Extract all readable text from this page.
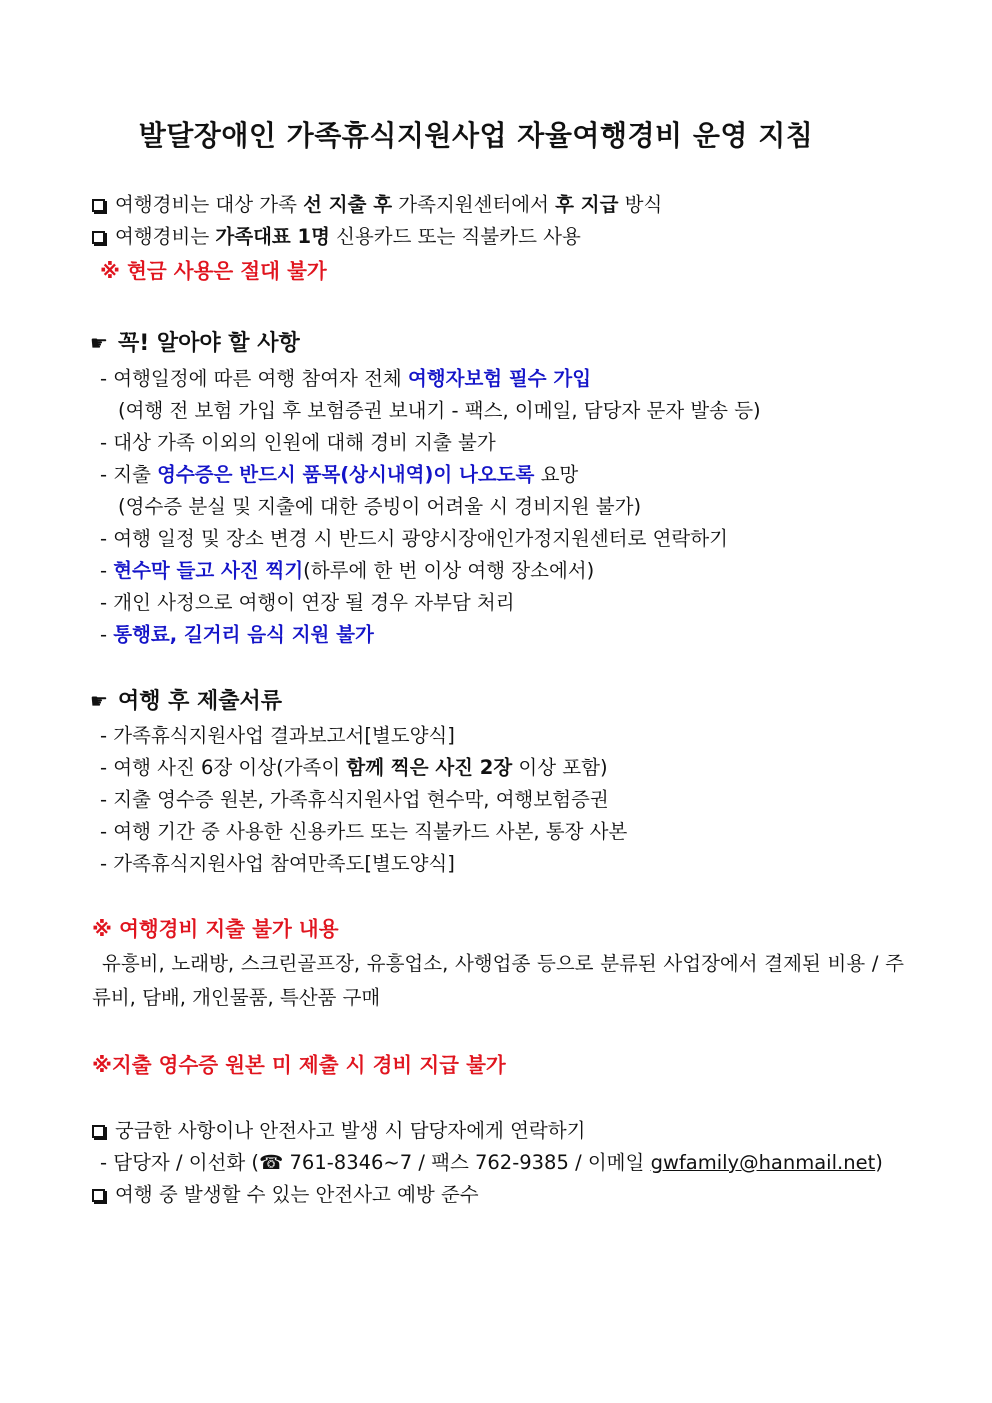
발달장애인 가족휴식지원사업 자율여행경비 운영 지침
여행경비는 대상 가족 선 지출 후 가족지원센터에서 후 지급 방식
여행경비는 가족대표 1명 신용카드 또는 직불카드 사용
※ 현금 사용은 절대 불가
☛ 꼭! 알아야 할 사항
- 여행일정에 따른 여행 참여자 전체 여행자보험 필수 가입
(여행 전 보험 가입 후 보험증권 보내기 - 팩스, 이메일, 담당자 문자 발송 등)
- 대상 가족 이외의 인원에 대해 경비 지출 불가
- 지출 영수증은 반드시 품목(상시내역)이 나오도록 요망
(영수증 분실 및 지출에 대한 증빙이 어려울 시 경비지원 불가)
- 여행 일정 및 장소 변경 시 반드시 광양시장애인가정지원센터로 연락하기
- 현수막 들고 사진 찍기(하루에 한 번 이상 여행 장소에서)
- 개인 사정으로 여행이 연장 될 경우 자부담 처리
- 통행료, 길거리 음식 지원 불가
☛ 여행 후 제출서류
- 가족휴식지원사업 결과보고서[별도양식]
- 여행 사진 6장 이상(가족이 함께 찍은 사진 2장 이상 포함)
- 지출 영수증 원본, 가족휴식지원사업 현수막, 여행보험증권
- 여행 기간 중 사용한 신용카드 또는 직불카드 사본, 통장 사본
- 가족휴식지원사업 참여만족도[별도양식]
※ 여행경비 지출 불가 내용
유흥비, 노래방, 스크린골프장, 유흥업소, 사행업종 등으로 분류된 사업장에서 결제된 비용 / 주류비, 담배, 개인물품, 특산품 구매
※지출 영수증 원본 미 제출 시 경비 지급 불가
궁금한 사항이나 안전사고 발생 시 담당자에게 연락하기
- 담당자 / 이선화 (☎ 761-8346~7 / 팩스 762-9385 / 이메일 gwfamily@hanmail.net)
여행 중 발생할 수 있는 안전사고 예방 준수
